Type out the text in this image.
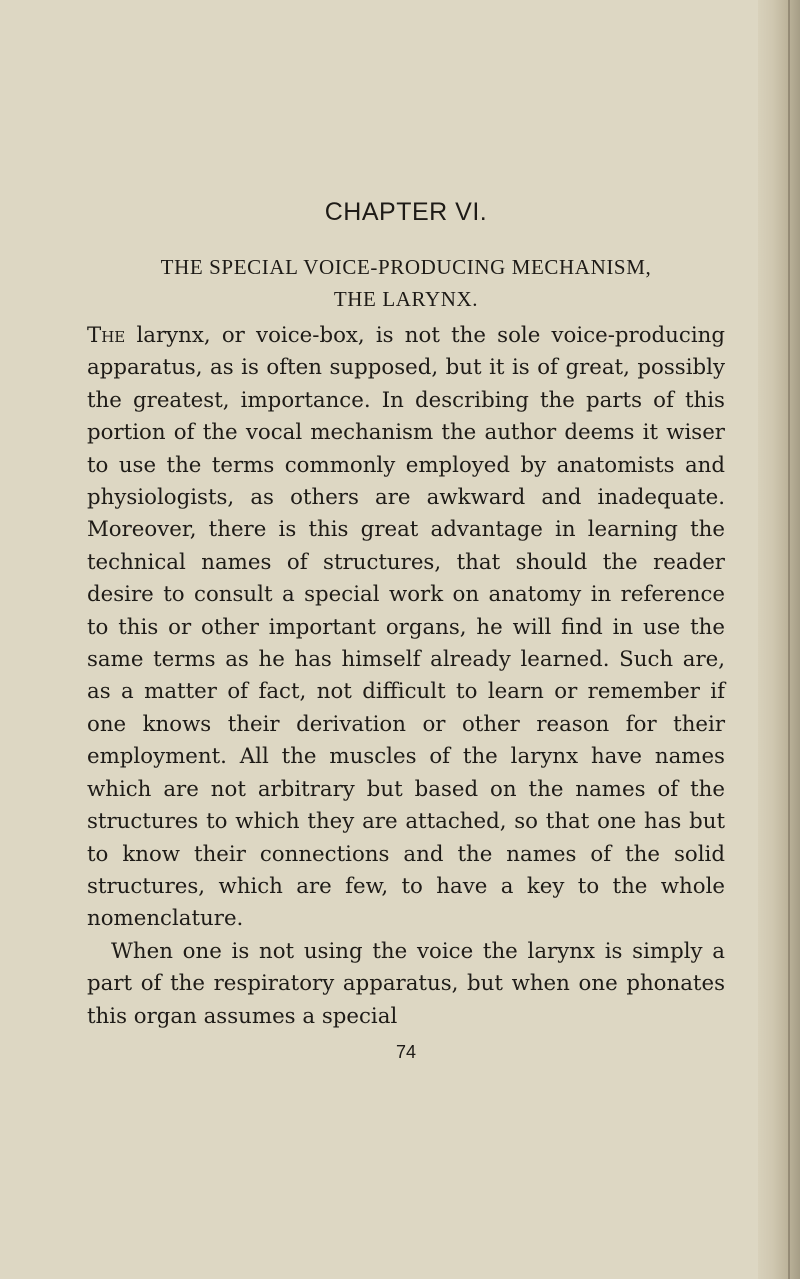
CHAPTER VI.
THE SPECIAL VOICE-PRODUCING MECHANISM,
THE LARYNX.

The larynx, or voice-box, is not the sole voice-producing apparatus, as is often supposed, but it is of great, possibly the greatest, importance. In describing the parts of this portion of the vocal mechanism the author deems it wiser to use the terms commonly employed by anatomists and physiologists, as others are awkward and inadequate. Moreover, there is this great advantage in learning the technical names of structures, that should the reader desire to consult a special work on anatomy in reference to this or other important organs, he will find in use the same terms as he has himself already learned. Such are, as a matter of fact, not difficult to learn or remember if one knows their derivation or other reason for their employment. All the muscles of the larynx have names which are not arbitrary but based on the names of the structures to which they are attached, so that one has but to know their connections and the names of the solid structures, which are few, to have a key to the whole nomenclature.

When one is not using the voice the larynx is simply a part of the respiratory apparatus, but when one phonates this organ assumes a special

74
